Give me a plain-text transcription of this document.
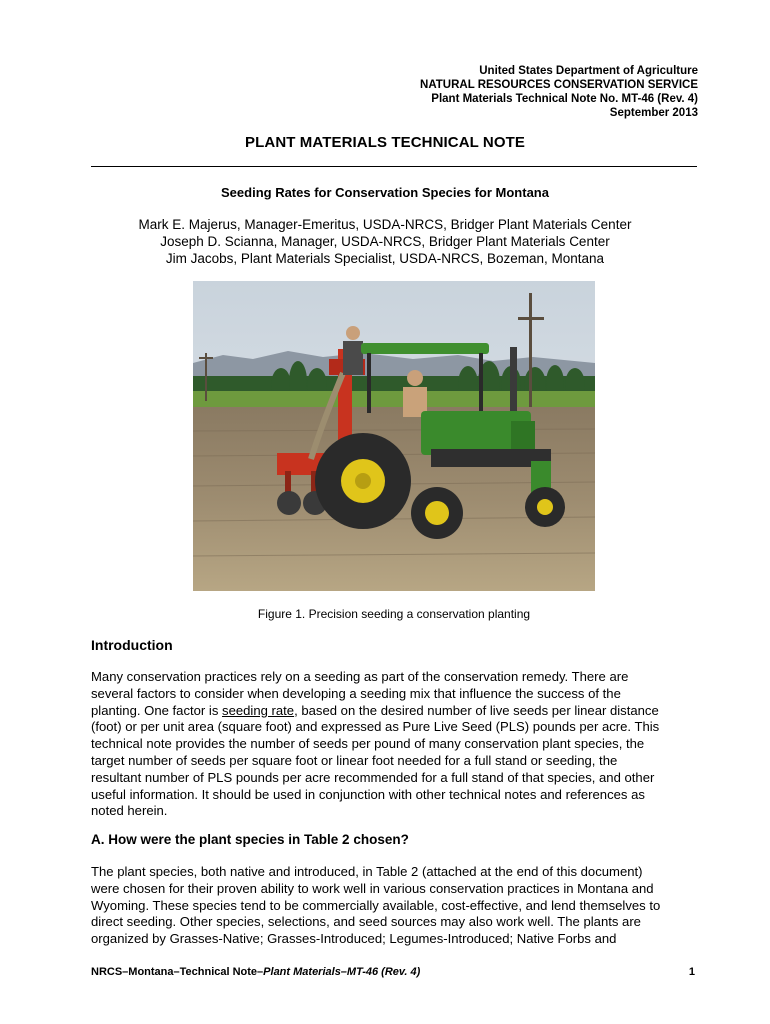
United States Department of Agriculture
NATURAL RESOURCES CONSERVATION SERVICE
Plant Materials Technical Note No. MT-46 (Rev. 4)
September 2013
PLANT MATERIALS TECHNICAL NOTE
Seeding Rates for Conservation Species for Montana
Mark E. Majerus, Manager-Emeritus, USDA-NRCS, Bridger Plant Materials Center
Joseph D. Scianna, Manager, USDA-NRCS, Bridger Plant Materials Center
Jim Jacobs, Plant Materials Specialist, USDA-NRCS, Bozeman, Montana
Figure 1. Precision seeding a conservation planting
Introduction
Many conservation practices rely on a seeding as part of the conservation remedy. There are
several factors to consider when developing a seeding mix that influence the success of the
planting. One factor is seeding rate, based on the desired number of live seeds per linear distance
(foot) or per unit area (square foot) and expressed as Pure Live Seed (PLS) pounds per acre. This
technical note provides the number of seeds per pound of many conservation plant species, the
target number of seeds per square foot or linear foot needed for a full stand or seeding, the
resultant number of PLS pounds per acre recommended for a full stand of that species, and other
useful information. It should be used in conjunction with other technical notes and references as
noted herein.
A. How were the plant species in Table 2 chosen?
The plant species, both native and introduced, in Table 2 (attached at the end of this document)
were chosen for their proven ability to work well in various conservation practices in Montana and
Wyoming. These species tend to be commercially available, cost-effective, and lend themselves to
direct seeding. Other species, selections, and seed sources may also work well. The plants are
organized by Grasses-Native; Grasses-Introduced; Legumes-Introduced; Native Forbs and
NRCS–Montana–Technical Note–Plant Materials–MT-46 (Rev. 4)	1
